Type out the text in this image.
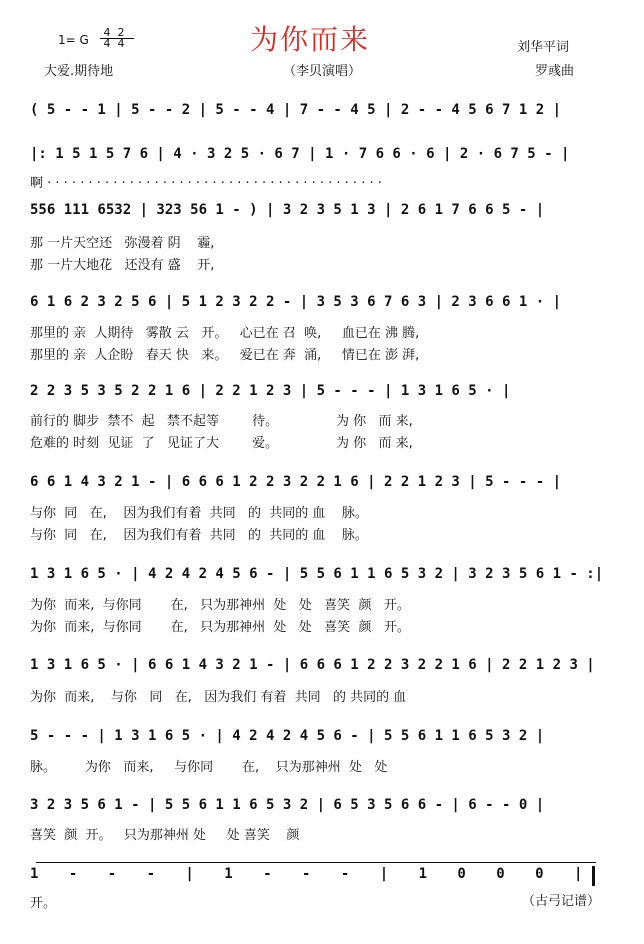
为你而来
1= G
4 2
4 4	刘华平词
大爱.期待地	（李贝演唱）	罗彧曲
( 5 - - 1 | 5 - - 2 | 5 - - 4 | 7 - - 4 5 | 2 - - 4 5 6 7 1 2 |
|: 1 5 1 5 7 6 | 4 · 3 2 5 · 6 7 | 1 · 7 6 6 · 6 | 2 · 6 7 5 - |
啊 · · · · · · · · · · · · · · · · · · · · · · · · · · · · · · · · · · · · · · · · ·
556 111 6532 | 323 56 1 - ) | 3 2 3 5 1 3 | 2 6 1 7 6 6 5 - |
那 一片天空还   弥漫着 阴    霾,
那 一片大地花   还没有 盛    开,
6 1 6 2 3 2 5 6 | 5 1 2 3 2 2 - | 3 5 3 6 7 6 3 | 2 3 6 6 1 · |
那里的 亲  人期待   雾散 云   开。   心已在 召  唤,     血已在 沸 腾,
那里的 亲  人企盼   春天 快   来。   爱已在 奔  涌,     情已在 澎 湃,
2 2 3 5 3 5 2 2 1 6 | 2 2 1 2 3 | 5 - - - | 1 3 1 6 5 · |
前行的 脚步  禁不  起   禁不起等        待。              为 你   而 来,
危难的 时刻  见证  了   见证了大        爱。              为 你   而 来,
6 6 1 4 3 2 1 - | 6 6 6 1 2 2 3 2 2 1 6 | 2 2 1 2 3 | 5 - - - |
与你  同   在,    因为我们有着  共同   的  共同的 血    脉。
与你  同   在,    因为我们有着  共同   的  共同的 血    脉。
1 3 1 6 5 · | 4 2 4 2 4 5 6 - | 5 5 6 1 1 6 5 3 2 | 3 2 3 5 6 1 - :|
为你  而来,  与你同       在,   只为那神州  处   处   喜笑  颜   开。
为你  而来,  与你同       在,   只为那神州  处   处   喜笑  颜   开。
1 3 1 6 5 · | 6 6 1 4 3 2 1 - | 6 6 6 1 2 2 3 2 2 1 6 | 2 2 1 2 3 |
为你  而来,    与你   同   在,   因为我们 有着  共同   的 共同的 血
5 - - - | 1 3 1 6 5 · | 4 2 4 2 4 5 6 - | 5 5 6 1 1 6 5 3 2 |
脉。       为你   而来,     与你同       在,    只为那神州  处   处
3 2 3 5 6 1 - | 5 5 6 1 1 6 5 3 2 | 6 5 3 5 6 6 - | 6 - - 0 |
喜笑  颜  开。   只为那神州 处     处 喜笑    颜
1 - - - | 1 - - - | 1 0 0 0 |
开。	（古弓记谱）
